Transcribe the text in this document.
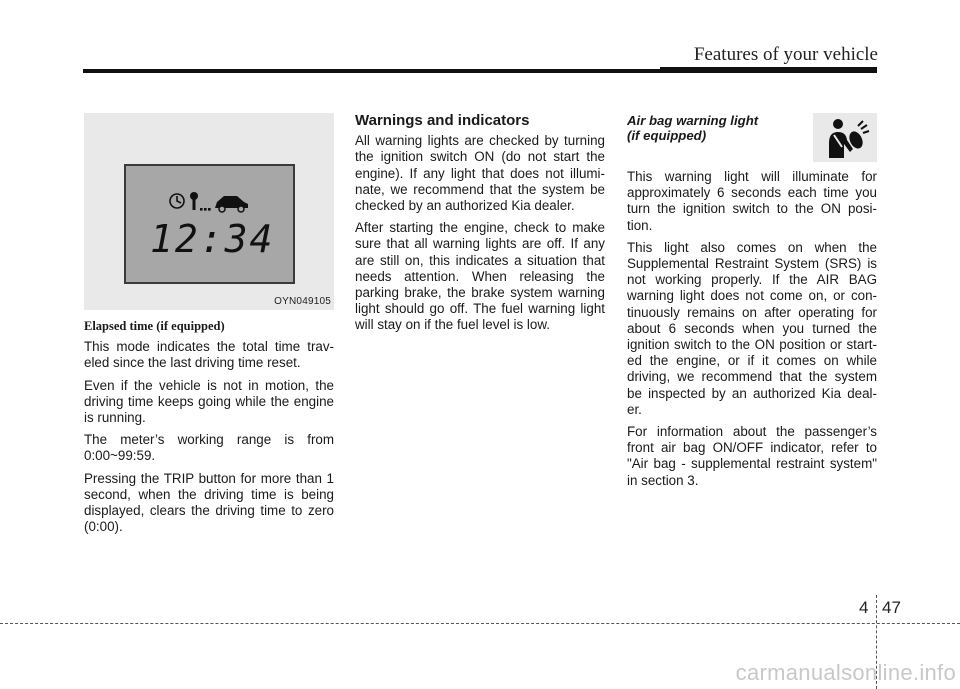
Features of your vehicle
12:34
OYN049105
Elapsed time (if equipped)

This mode indicates the total time trav-eled since the last driving time reset.

Even if the vehicle is not in motion, the driving time keeps going while the engine is running.

The meter’s working range is from 0:00~99:59.

Pressing the TRIP button for more than 1 second, when the driving time is being displayed, clears the driving time to zero (0:00).

Warnings and indicators

All warning lights are checked by turning the ignition switch ON (do not start the engine). If any light that does not illumi-nate, we recommend that the system be checked by an authorized Kia dealer.

After starting the engine, check to make sure that all warning lights are off. If any are still on, this indicates a situation that needs attention. When releasing the parking brake, the brake system warning light should go off. The fuel warning light will stay on if the fuel level is low.

Air bag warning light
(if equipped)

This warning light will illuminate for approximately 6 seconds each time you turn the ignition switch to the ON posi-tion.

This light also comes on when the Supplemental Restraint System (SRS) is not working properly. If the AIR BAG warning light does not come on, or con-tinuously remains on after operating for about 6 seconds when you turned the ignition switch to the ON position or start-ed the engine, or if it comes on while driving, we recommend that the system be inspected by an authorized Kia deal-er.

For information about the passenger’s front air bag ON/OFF indicator, refer to "Air bag - supplemental restraint system" in section 3.

4 47
carmanualsonline.info
